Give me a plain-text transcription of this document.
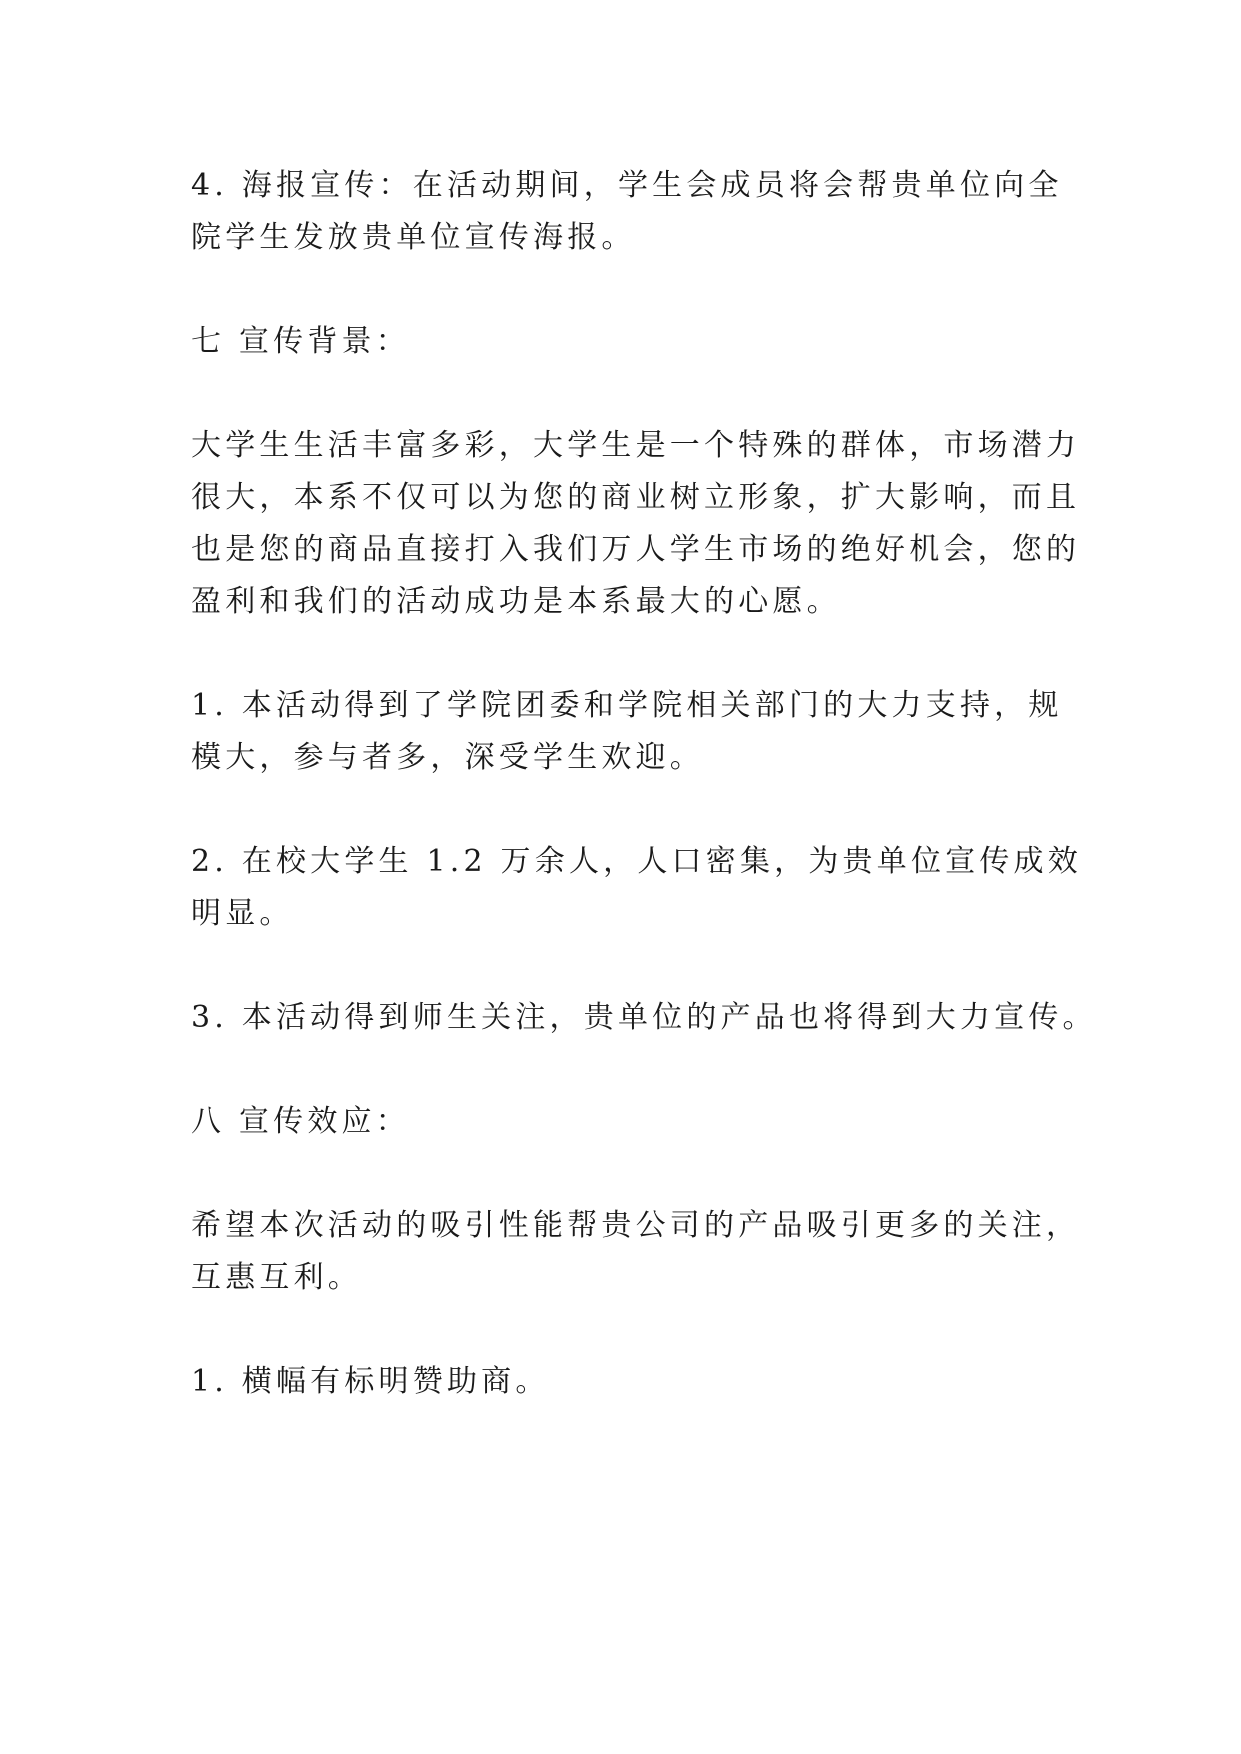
4. 海报宣传：在活动期间，学生会成员将会帮贵单位向全
院学生发放贵单位宣传海报。
七 宣传背景：
大学生生活丰富多彩，大学生是一个特殊的群体，市场潜力
很大，本系不仅可以为您的商业树立形象，扩大影响，而且
也是您的商品直接打入我们万人学生市场的绝好机会，您的
盈利和我们的活动成功是本系最大的心愿。
1. 本活动得到了学院团委和学院相关部门的大力支持，规
模大，参与者多，深受学生欢迎。
2. 在校大学生 1.2 万余人，人口密集，为贵单位宣传成效
明显。
3. 本活动得到师生关注，贵单位的产品也将得到大力宣传。
八 宣传效应：
希望本次活动的吸引性能帮贵公司的产品吸引更多的关注，
互惠互利。
1. 横幅有标明赞助商。
